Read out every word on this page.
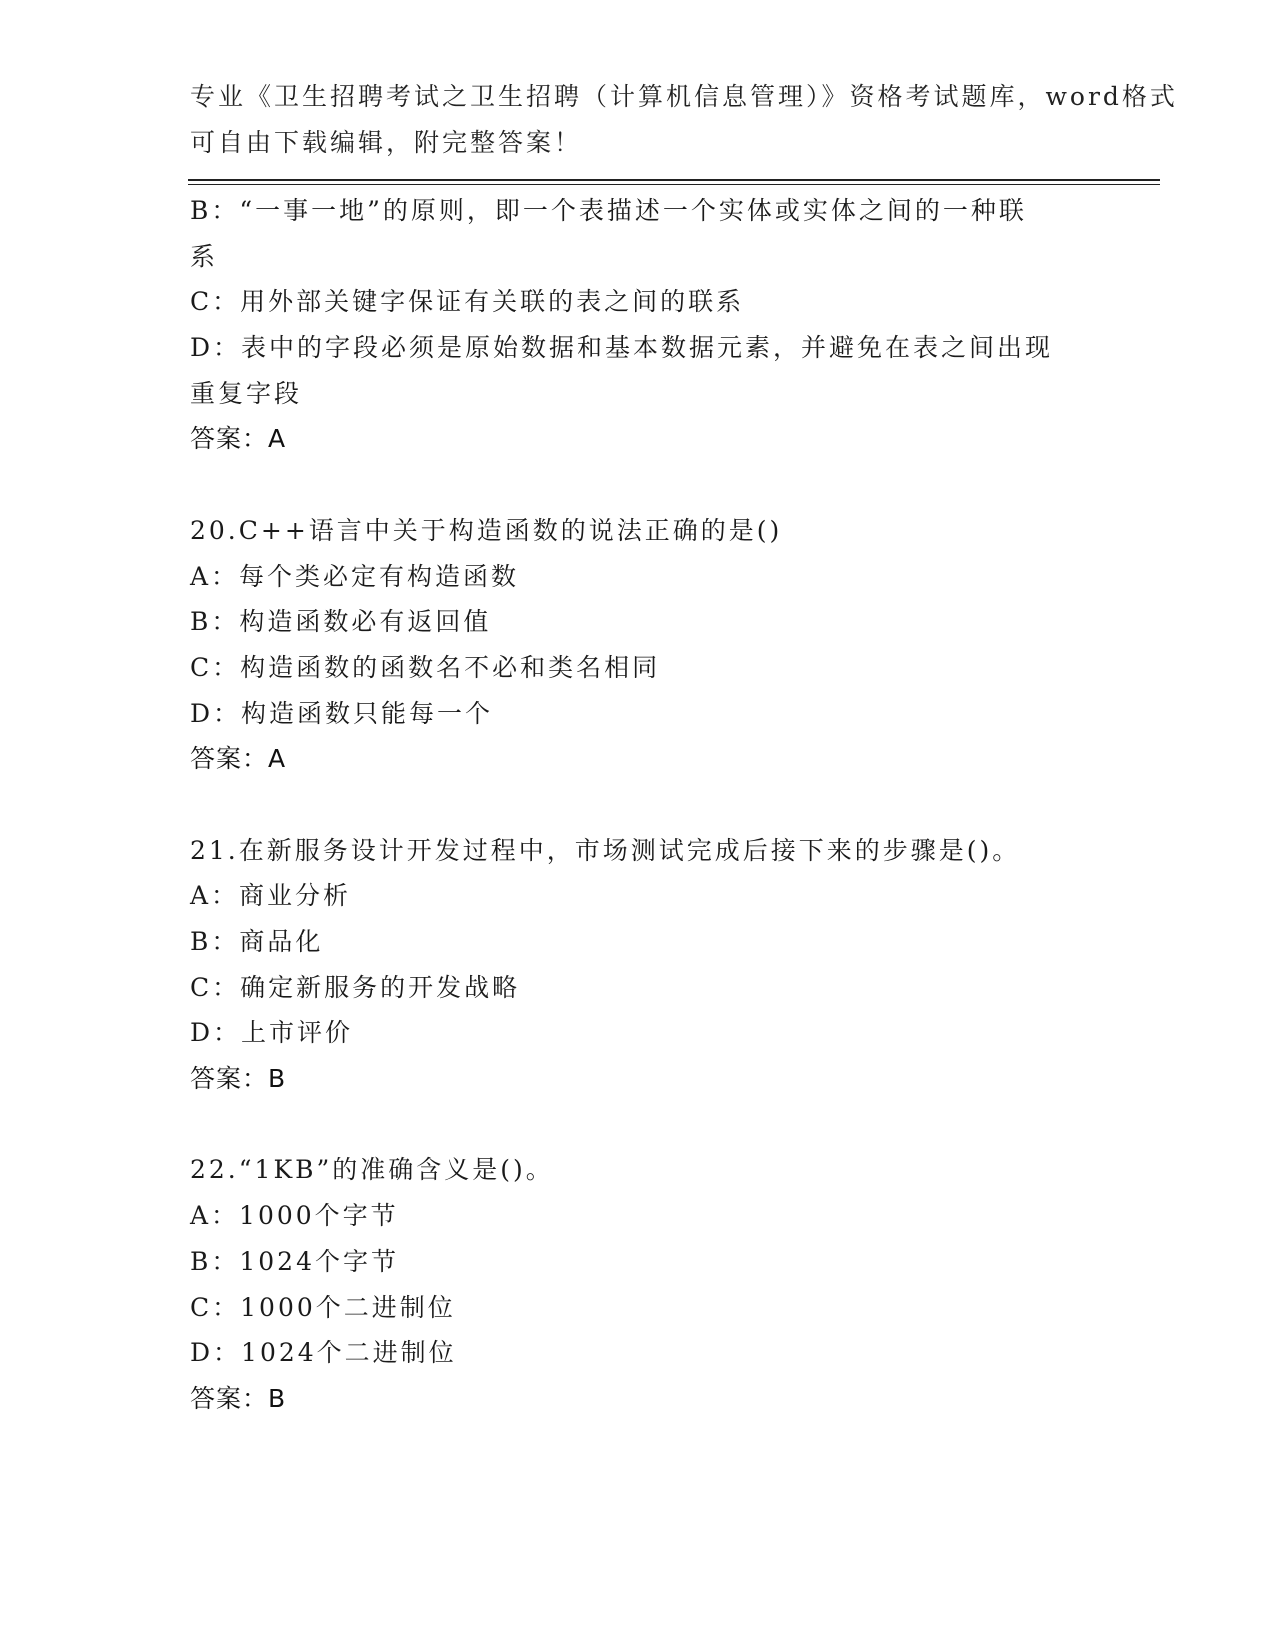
专业《卫生招聘考试之卫生招聘（计算机信息管理）》资格考试题库，word格式
可自由下载编辑，附完整答案！
B：“一事一地”的原则，即一个表描述一个实体或实体之间的一种联
系
C：用外部关键字保证有关联的表之间的联系
D：表中的字段必须是原始数据和基本数据元素，并避免在表之间出现
重复字段
答案：A
20.C++语言中关于构造函数的说法正确的是()
A：每个类必定有构造函数
B：构造函数必有返回值
C：构造函数的函数名不必和类名相同
D：构造函数只能每一个
答案：A
21.在新服务设计开发过程中，市场测试完成后接下来的步骤是()。
A：商业分析
B：商品化
C：确定新服务的开发战略
D：上市评价
答案：B
22.“1KB”的准确含义是()。
A：1000个字节
B：1024个字节
C：1000个二进制位
D：1024个二进制位
答案：B
